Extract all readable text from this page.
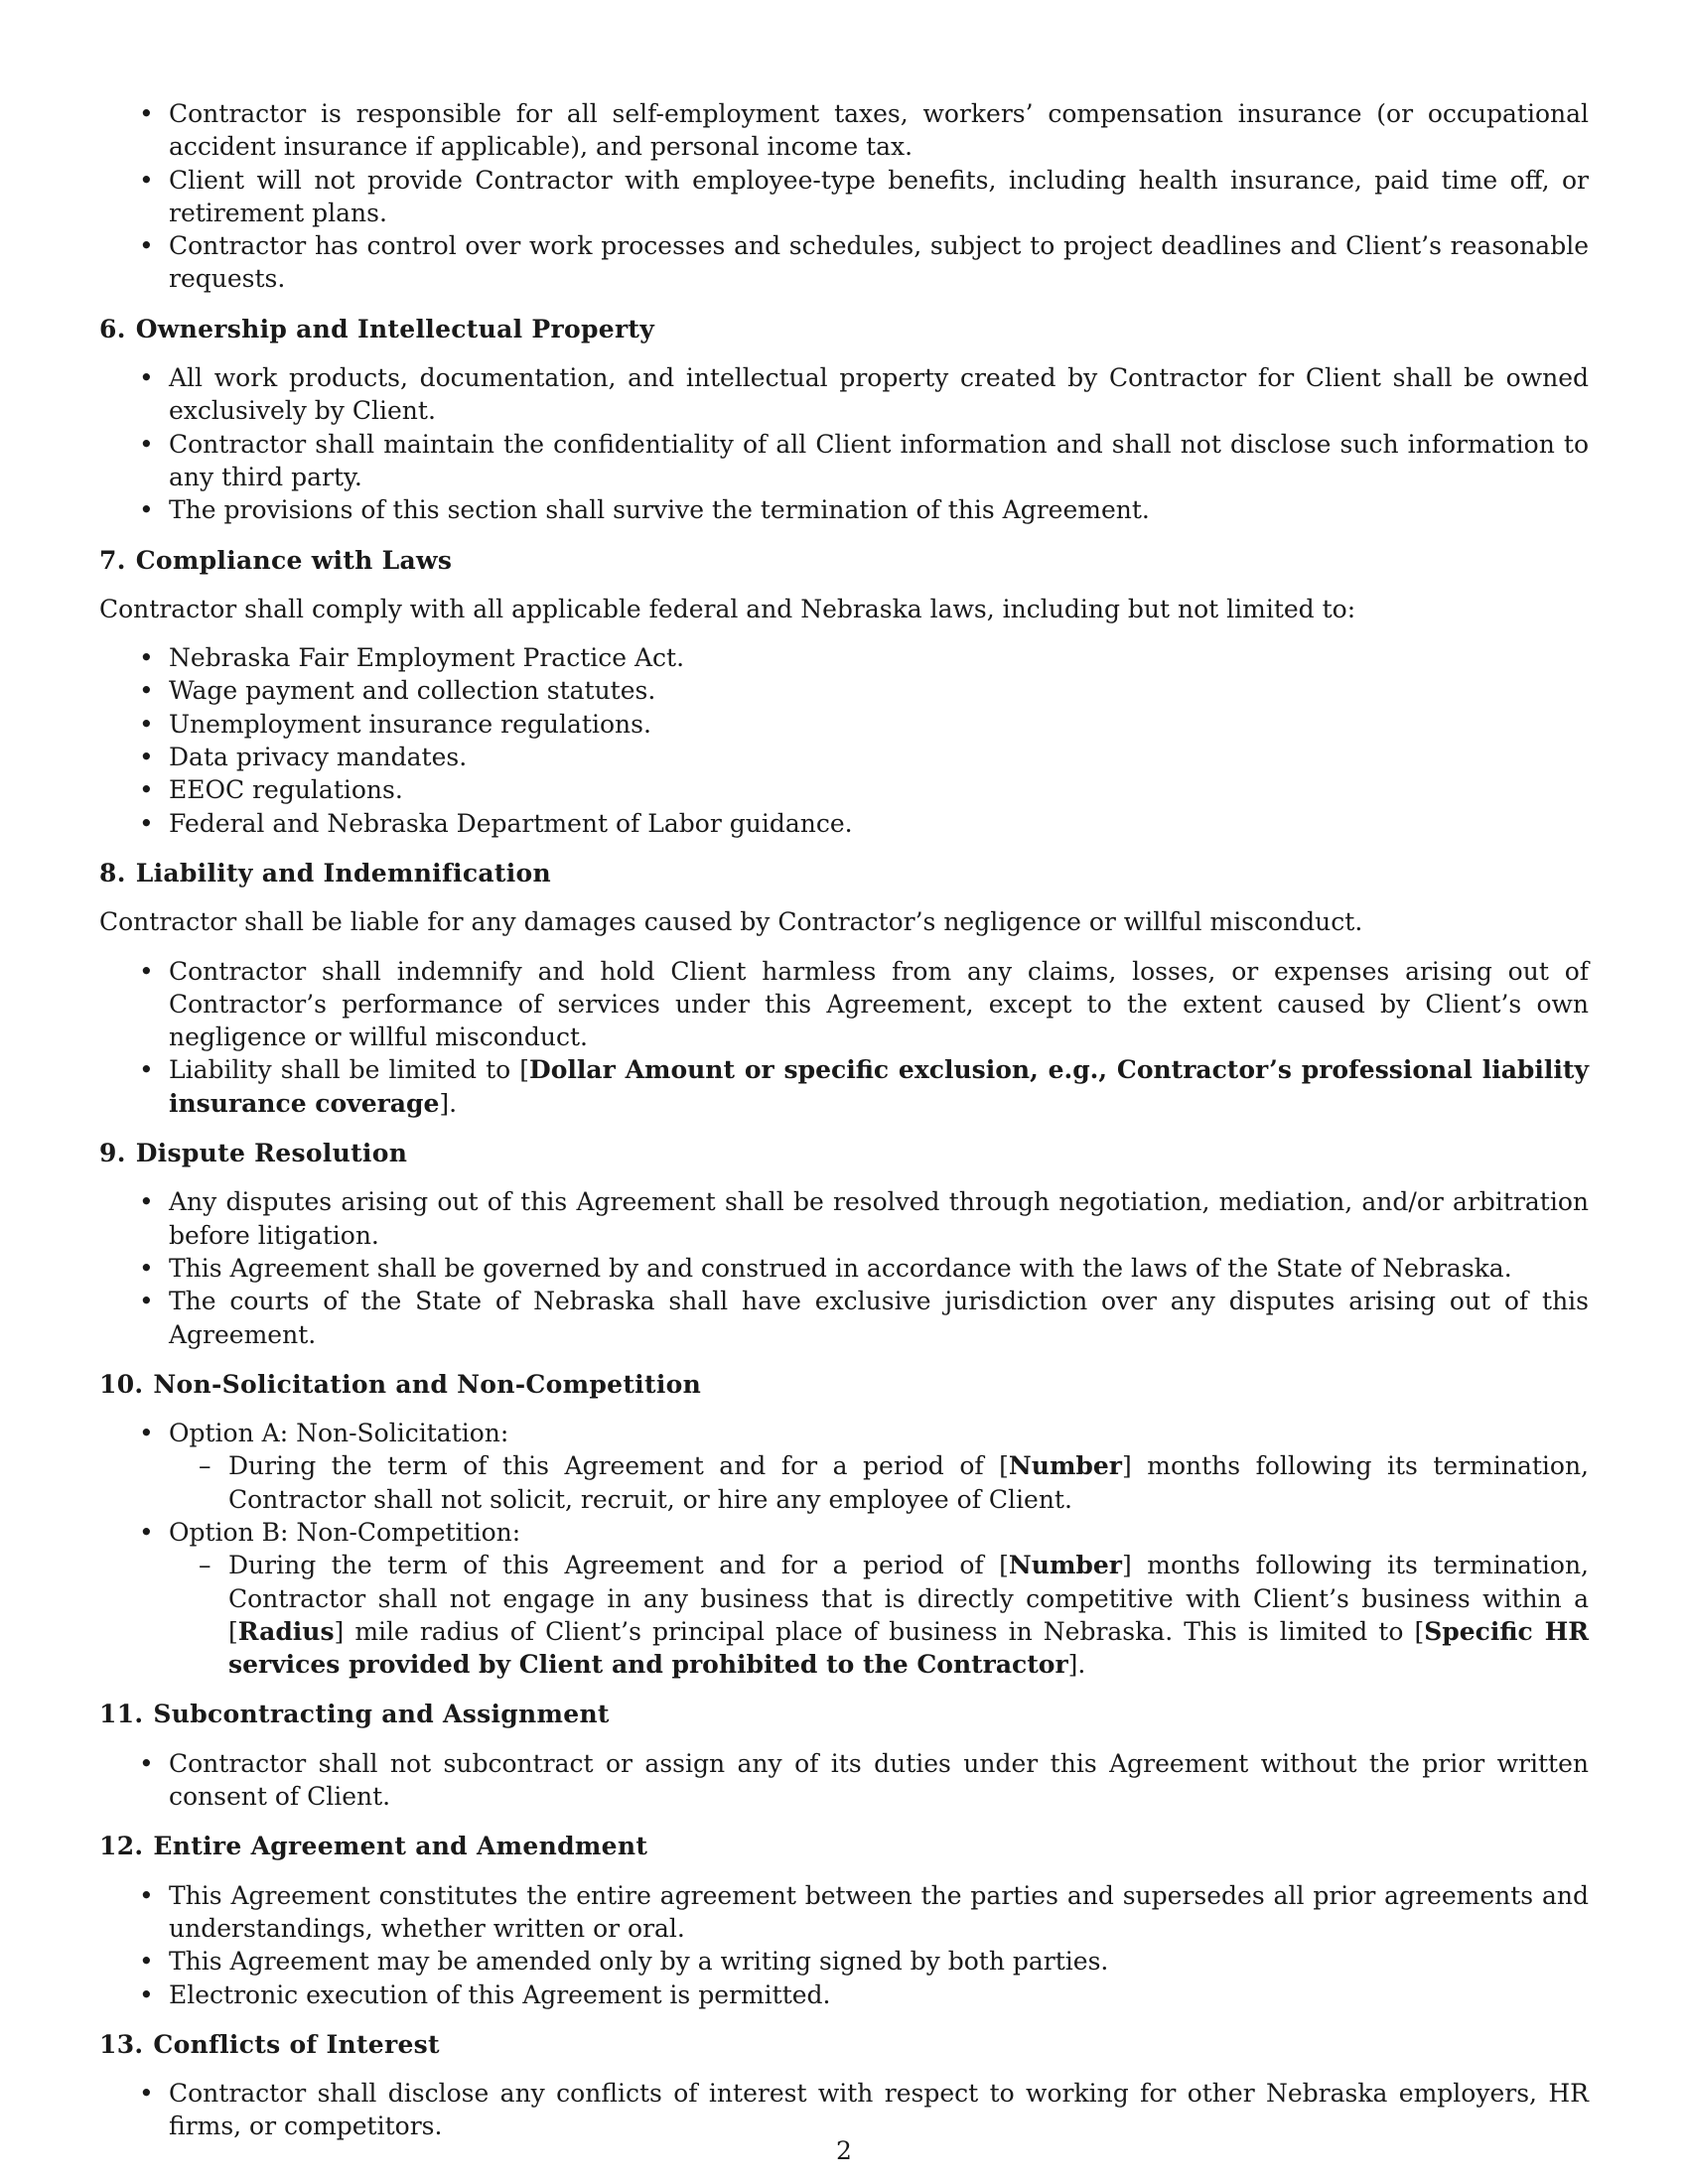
• Contractor is responsible for all self-employment taxes, workers’ compensation insurance (or occupational accident insurance if applicable), and personal income tax.
• Client will not provide Contractor with employee-type benefits, including health insurance, paid time off, or retirement plans.
• Contractor has control over work processes and schedules, subject to project deadlines and Client’s reasonable requests.
6. Ownership and Intellectual Property
• All work products, documentation, and intellectual property created by Contractor for Client shall be owned exclusively by Client.
• Contractor shall maintain the confidentiality of all Client information and shall not disclose such information to any third party.
• The provisions of this section shall survive the termination of this Agreement.
7. Compliance with Laws

Contractor shall comply with all applicable federal and Nebraska laws, including but not limited to:

• Nebraska Fair Employment Practice Act.
• Wage payment and collection statutes.
• Unemployment insurance regulations.
• Data privacy mandates.
• EEOC regulations.
• Federal and Nebraska Department of Labor guidance.
8. Liability and Indemnification

Contractor shall be liable for any damages caused by Contractor’s negligence or willful misconduct.

• Contractor shall indemnify and hold Client harmless from any claims, losses, or expenses arising out of Contractor’s performance of services under this Agreement, except to the extent caused by Client’s own negligence or willful misconduct.
• Liability shall be limited to [Dollar Amount or specific exclusion, e.g., Contractor’s professional liability insurance coverage].
9. Dispute Resolution
• Any disputes arising out of this Agreement shall be resolved through negotiation, mediation, and/or arbitration before litigation.
• This Agreement shall be governed by and construed in accordance with the laws of the State of Nebraska.
• The courts of the State of Nebraska shall have exclusive jurisdiction over any disputes arising out of this Agreement.
10. Non-Solicitation and Non-Competition
• Option A: Non-Solicitation:
– During the term of this Agreement and for a period of [Number] months following its termination, Contractor shall not solicit, recruit, or hire any employee of Client.
• Option B: Non-Competition:
– During the term of this Agreement and for a period of [Number] months following its termination, Contractor shall not engage in any business that is directly competitive with Client’s business within a [Radius] mile radius of Client’s principal place of business in Nebraska. This is limited to [Specific HR services provided by Client and prohibited to the Contractor].
11. Subcontracting and Assignment
• Contractor shall not subcontract or assign any of its duties under this Agreement without the prior written consent of Client.
12. Entire Agreement and Amendment
• This Agreement constitutes the entire agreement between the parties and supersedes all prior agreements and understandings, whether written or oral.
• This Agreement may be amended only by a writing signed by both parties.
• Electronic execution of this Agreement is permitted.
13. Conflicts of Interest
• Contractor shall disclose any conflicts of interest with respect to working for other Nebraska employers, HR firms, or competitors.
2
